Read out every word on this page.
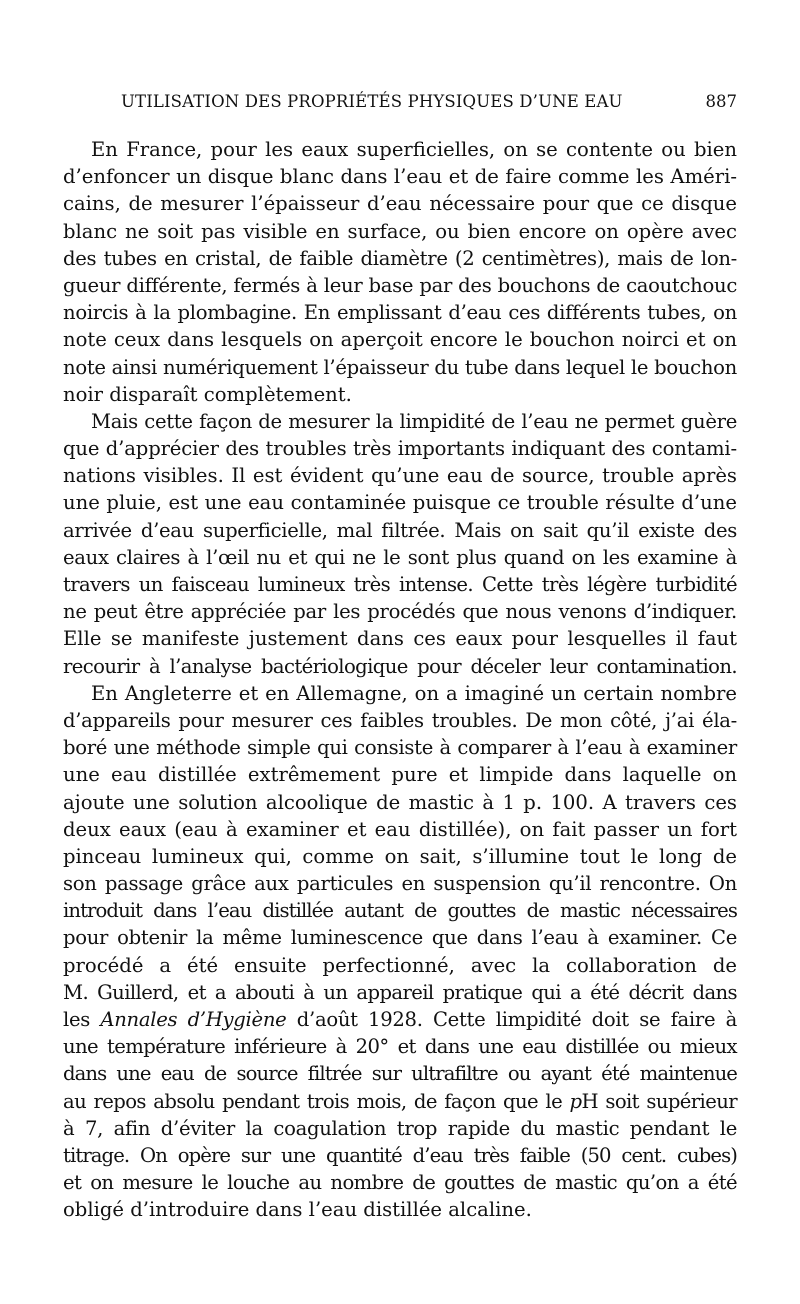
UTILISATION DES PROPRIÉTÉS PHYSIQUES D’UNE EAU	887
En France, pour les eaux superficielles, on se contente ou bien
d’enfoncer un disque blanc dans l’eau et de faire comme les Améri-
cains, de mesurer l’épaisseur d’eau nécessaire pour que ce disque
blanc ne soit pas visible en surface, ou bien encore on opère avec
des tubes en cristal, de faible diamètre (2 centimètres), mais de lon-
gueur différente, fermés à leur base par des bouchons de caoutchouc
noircis à la plombagine. En emplissant d’eau ces différents tubes, on
note ceux dans lesquels on aperçoit encore le bouchon noirci et on
note ainsi numériquement l’épaisseur du tube dans lequel le bouchon
noir disparaît complètement.
Mais cette façon de mesurer la limpidité de l’eau ne permet guère
que d’apprécier des troubles très importants indiquant des contami-
nations visibles. Il est évident qu’une eau de source, trouble après
une pluie, est une eau contaminée puisque ce trouble résulte d’une
arrivée d’eau superficielle, mal filtrée. Mais on sait qu’il existe des
eaux claires à l’œil nu et qui ne le sont plus quand on les examine à
travers un faisceau lumineux très intense. Cette très légère turbidité
ne peut être appréciée par les procédés que nous venons d’indiquer.
Elle se manifeste justement dans ces eaux pour lesquelles il faut
recourir à l’analyse bactériologique pour déceler leur contamination.
En Angleterre et en Allemagne, on a imaginé un certain nombre
d’appareils pour mesurer ces faibles troubles. De mon côté, j’ai éla-
boré une méthode simple qui consiste à comparer à l’eau à examiner
une eau distillée extrêmement pure et limpide dans laquelle on
ajoute une solution alcoolique de mastic à 1 p. 100. A travers ces
deux eaux (eau à examiner et eau distillée), on fait passer un fort
pinceau lumineux qui, comme on sait, s’illumine tout le long de
son passage grâce aux particules en suspension qu’il rencontre. On
introduit dans l’eau distillée autant de gouttes de mastic nécessaires
pour obtenir la même luminescence que dans l’eau à examiner. Ce
procédé a été ensuite perfectionné, avec la collaboration de
M. Guillerd, et a abouti à un appareil pratique qui a été décrit dans
les Annales d’Hygiène d’août 1928. Cette limpidité doit se faire à
une température inférieure à 20° et dans une eau distillée ou mieux
dans une eau de source filtrée sur ultrafiltre ou ayant été maintenue
au repos absolu pendant trois mois, de façon que le pH soit supérieur
à 7, afin d’éviter la coagulation trop rapide du mastic pendant le
titrage. On opère sur une quantité d’eau très faible (50 cent. cubes)
et on mesure le louche au nombre de gouttes de mastic qu’on a été
obligé d’introduire dans l’eau distillée alcaline.
